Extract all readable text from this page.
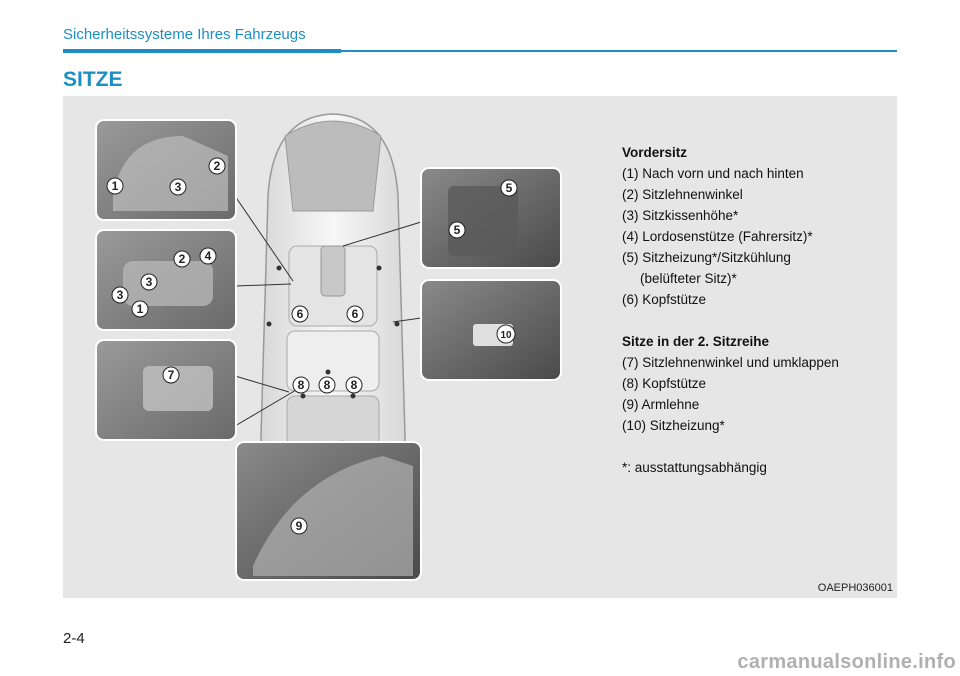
Sicherheitssysteme Ihres Fahrzeugs
SITZE
1
2
3
2 4
3
3
1
7
5
5
10
6	6
8 8 8
9
Vordersitz
(1) Nach vorn und nach hinten
(2) Sitzlehnenwinkel
(3) Sitzkissenhöhe*
(4) Lordosenstütze (Fahrersitz)*
(5) Sitzheizung*/Sitzkühlung
(belüfteter Sitz)*
(6) Kopfstütze
Sitze in der 2. Sitzreihe
(7) Sitzlehnenwinkel und umklappen
(8) Kopfstütze
(9) Armlehne
(10) Sitzheizung*
*: ausstattungsabhängig
OAEPH036001
2-4
carmanualsonline.info
